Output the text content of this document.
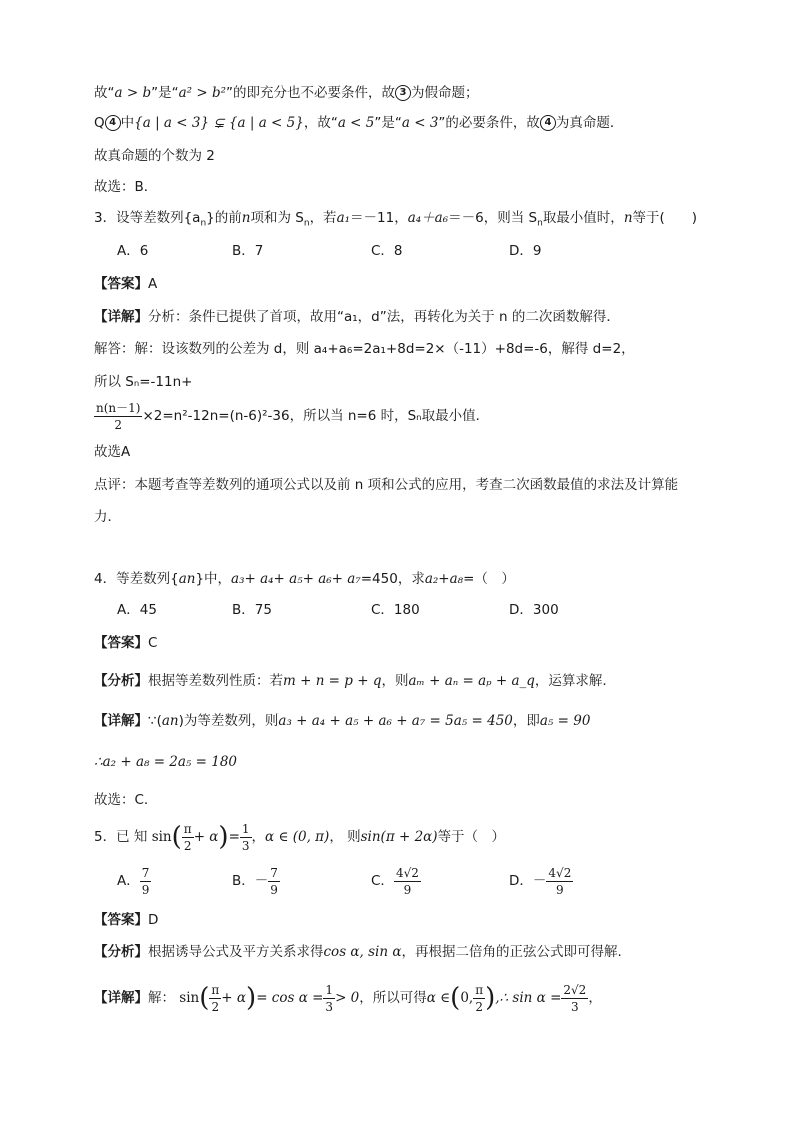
故“a > b”是“a² > b²”的即充分也不必要条件，故 3 为假命题；
Q 4 中{a | a < 3} ⊊ {a | a < 5}，故“a < 5”是“a < 3”的必要条件，故 4 为真命题．
故真命题的个数为 2
故选：B．
3．设等差数列$\{a_n\}$的前n项和为 $S_n$，若a₁＝－11，a₄＋a₆＝－6，则当 $S_n$取最小值时，n等于(　　)
A．6	B．7	C．8	D．9
【答案】A
【详解】分析：条件已提供了首项，故用“a₁，d”法，再转化为关于 n 的二次函数解得．
解答：解：设该数列的公差为 d，则 a₄+a₆=2a₁+8d=2×（-11）+8d=-6，解得 d=2，
所以 Sₙ=-11n+
$\frac{n(n-1)}{2} \times 2=n^2-12n=(n-6)^2-36$，所以当 n=6 时，Sₙ取最小值．
故选A
点评：本题考查等差数列的通项公式以及前 n 项和公式的应用，考查二次函数最值的求法及计算能
力．
4．等差数列{an}中，a₃+ a₄+ a₅+ a₆+ a₇=450，求a₂+a₈=（　）
A．45	B．75	C．180	D．300
【答案】C
【分析】根据等差数列性质：若m + n = p + q，则aₘ + aₙ = aₚ + a_q，运算求解.
【详解】∵(an)为等差数列，则a₃ + a₄ + a₅ + a₆ + a₇ = 5a₅ = 450，即a₅ = 90
∴a₂ + a₈ = 2a₅ = 180
故选：C.
5．已 知 $\sin( \frac{\pi}{2} + \alpha)= \frac{1}{3}$ ，α ∈ (0, π)， 则sin(π + 2α)等于（　）
A． $\frac{7}{9}$	B．－ $\frac{7}{9}$	C． $\frac{4√2}{9}$	D．－ $\frac{4√2}{9}$
【答案】D
【分析】根据诱导公式及平方关系求得cos α, sin α，再根据二倍角的正弦公式即可得解.
【详解】解： $\sin( \frac{\pi}{2} + \alpha)= \cos \alpha = \frac{1}{3} > 0$，所以可得α ∈(0, $\frac{\pi}{2}$ ),∴ $\sin \alpha = \frac{2√2}{3}$ ，
